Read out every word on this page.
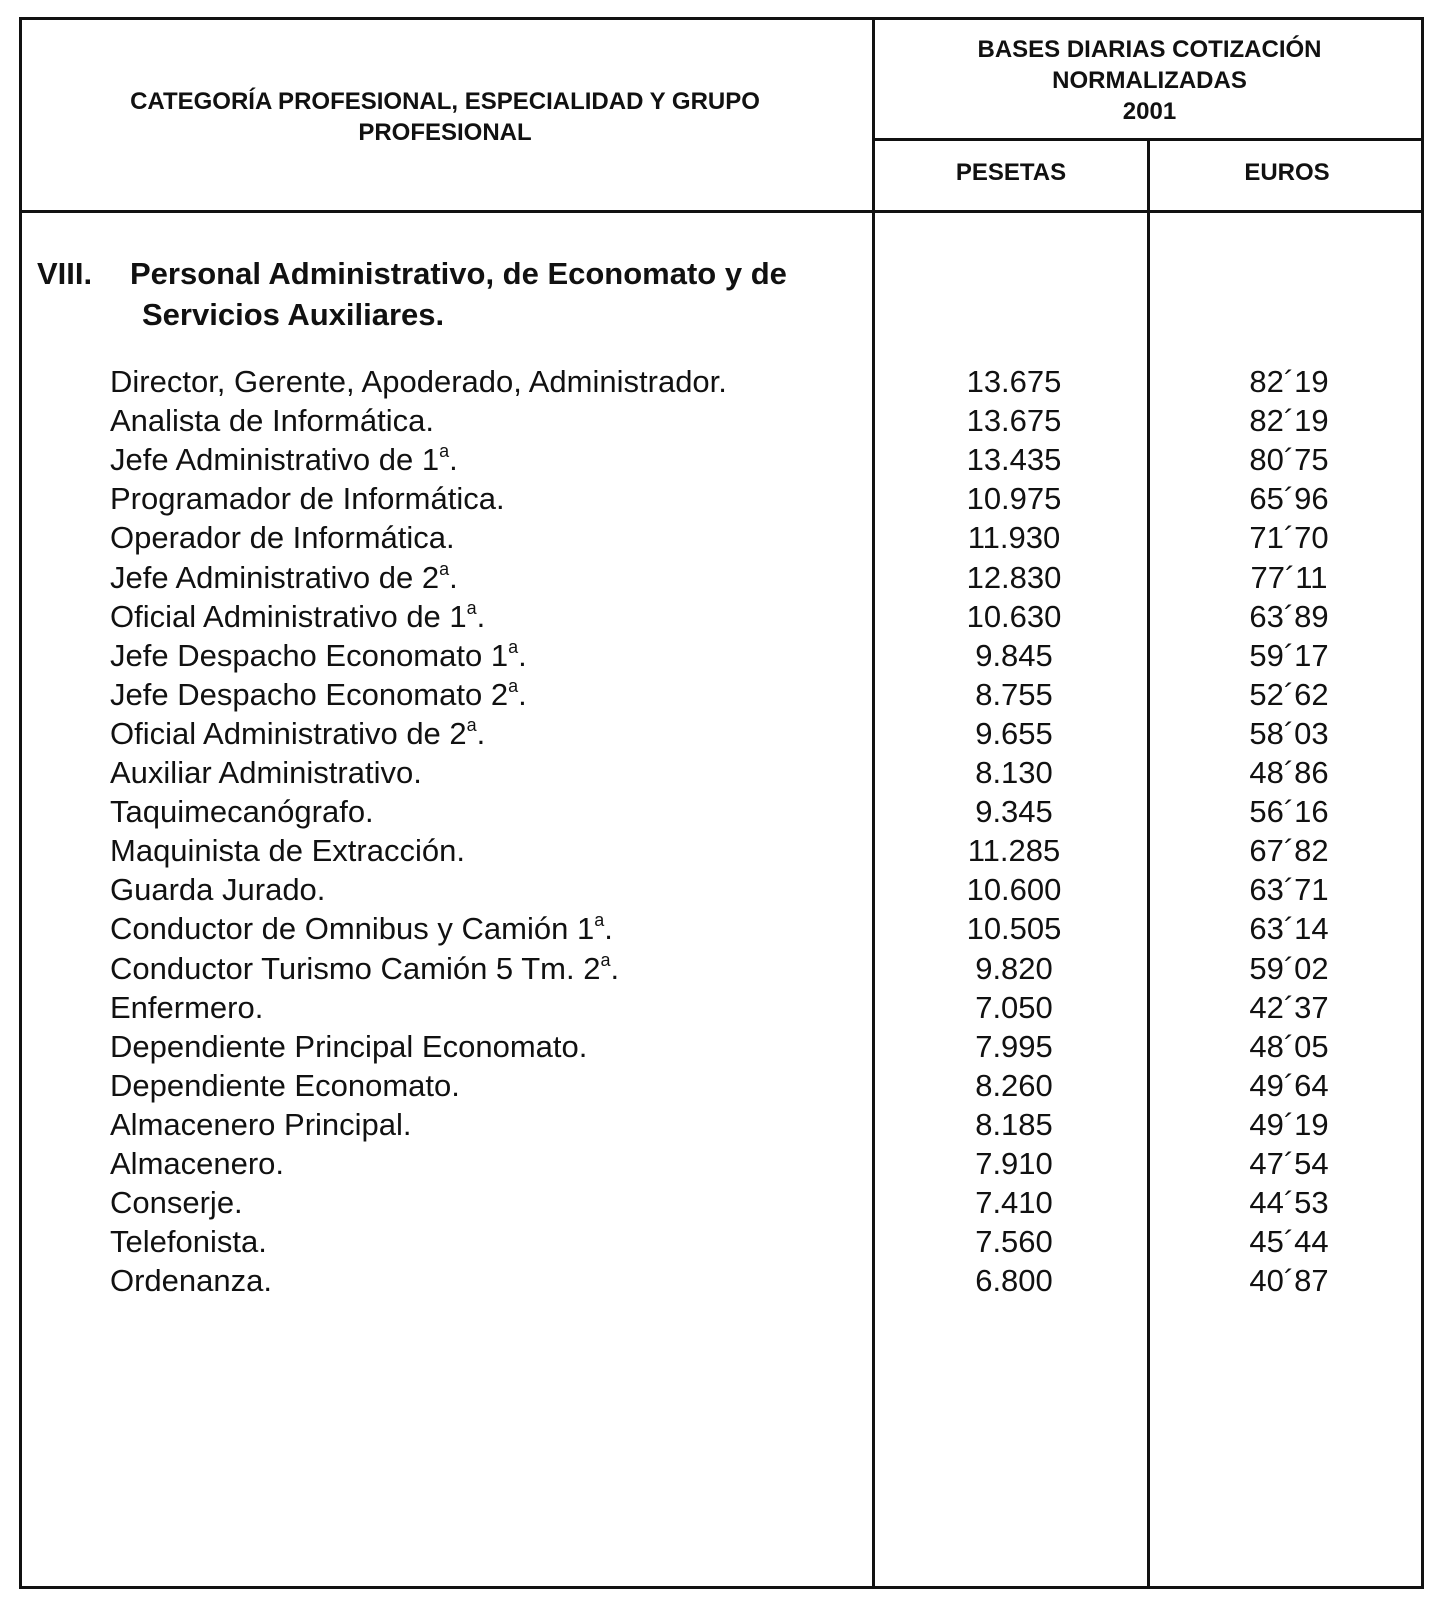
CATEGORÍA PROFESIONAL, ESPECIALIDAD Y GRUPO PROFESIONAL
BASES DIARIAS COTIZACIÓN
NORMALIZADAS
2001
PESETAS	EUROS
VIII. Personal Administrativo, de Economato y de
Servicios Auxiliares.
Director, Gerente, Apoderado, Administrador.	13.675	82´19
Analista de Informática.	13.675	82´19
Jefe Administrativo de 1$^a$.	13.435	80´75
Programador de Informática.	10.975	65´96
Operador de Informática.	11.930	71´70
Jefe Administrativo de 2$^a$.	12.830	77´11
Oficial Administrativo de 1$^a$.	10.630	63´89
Jefe Despacho Economato 1$^a$.	9.845	59´17
Jefe Despacho Economato 2$^a$.	8.755	52´62
Oficial Administrativo de 2$^a$.	9.655	58´03
Auxiliar Administrativo.	8.130	48´86
Taquimecanógrafo.	9.345	56´16
Maquinista de Extracción.	11.285	67´82
Guarda Jurado.	10.600	63´71
Conductor de Omnibus y Camión 1$^a$.	10.505	63´14
Conductor Turismo Camión 5 Tm. 2$^a$.	9.820	59´02
Enfermero.	7.050	42´37
Dependiente Principal Economato.	7.995	48´05
Dependiente Economato.	8.260	49´64
Almacenero Principal.	8.185	49´19
Almacenero.	7.910	47´54
Conserje.	7.410	44´53
Telefonista.	7.560	45´44
Ordenanza.	6.800	40´87
